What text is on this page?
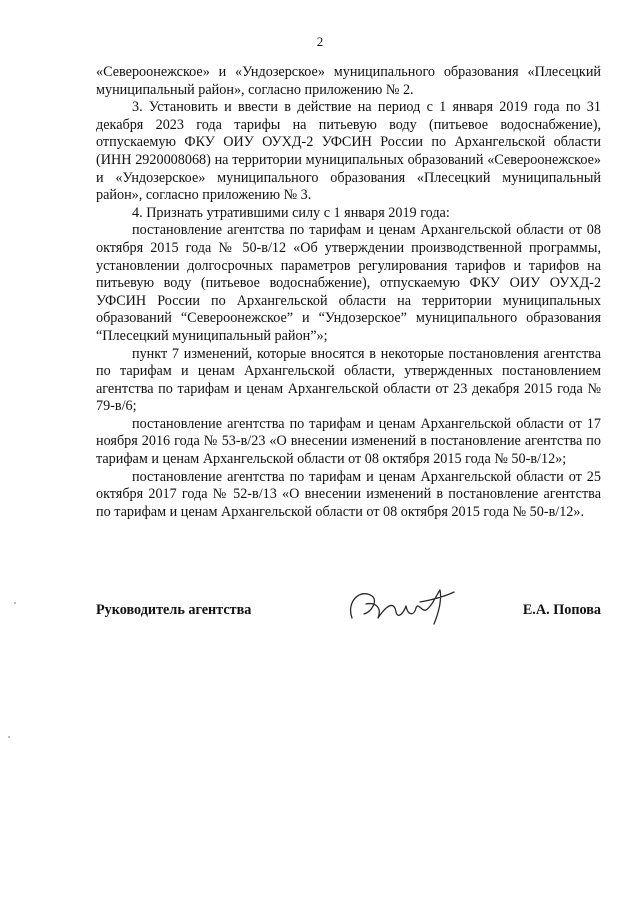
2

«Североонежское» и «Ундозерское» муниципального образования «Плесецкий муниципальный район», согласно приложению № 2.

3. Установить и ввести в действие на период с 1 января 2019 года по 31 декабря 2023 года тарифы на питьевую воду (питьевое водоснабжение), отпускаемую ФКУ ОИУ ОУХД-2 УФСИН России по Архангельской области (ИНН 2920008068) на территории муниципальных образований «Североонежское» и «Ундозерское» муниципального образования «Плесецкий муниципальный район», согласно приложению № 3.

4. Признать утратившими силу с 1 января 2019 года:

постановление агентства по тарифам и ценам Архангельской области от 08 октября 2015 года № 50-в/12 «Об утверждении производственной программы, установлении долгосрочных параметров регулирования тарифов и тарифов на питьевую воду (питьевое водоснабжение), отпускаемую ФКУ ОИУ ОУХД-2 УФСИН России по Архангельской области на территории муниципальных образований “Североонежское” и “Ундозерское” муниципального образования “Плесецкий муниципальный район”»;

пункт 7 изменений, которые вносятся в некоторые постановления агентства по тарифам и ценам Архангельской области, утвержденных постановлением агентства по тарифам и ценам Архангельской области от 23 декабря 2015 года № 79-в/6;

постановление агентства по тарифам и ценам Архангельской области от 17 ноября 2016 года № 53-в/23 «О внесении изменений в постановление агентства по тарифам и ценам Архангельской области от 08 октября 2015 года № 50-в/12»;

постановление агентства по тарифам и ценам Архангельской области от 25 октября 2017 года № 52-в/13 «О внесении изменений в постановление агентства по тарифам и ценам Архангельской области от 08 октября 2015 года № 50-в/12».

Руководитель агентства	Е.А. Попова
